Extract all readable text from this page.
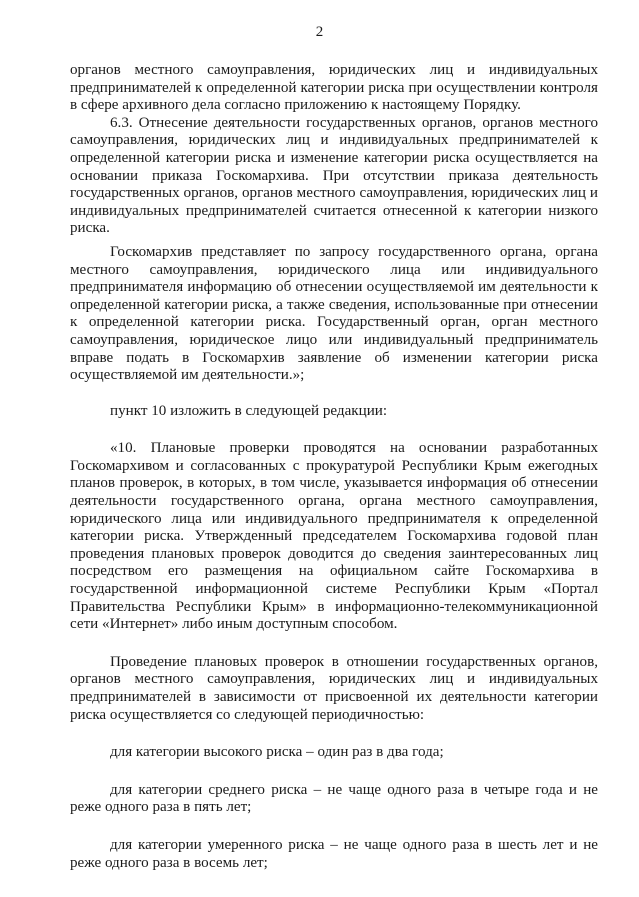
2

органов местного самоуправления, юридических лиц и индивидуальных предпринимателей к определенной категории риска при осуществлении контроля в сфере архивного дела согласно приложению к настоящему Порядку.

6.3. Отнесение деятельности государственных органов, органов местного самоуправления, юридических лиц и индивидуальных предпринимателей к определенной категории риска и изменение категории риска осуществляется на основании приказа Госкомархива. При отсутствии приказа деятельность государственных органов, органов местного самоуправления, юридических лиц и индивидуальных предпринимателей считается отнесенной к категории низкого риска.

Госкомархив представляет по запросу государственного органа, органа местного самоуправления, юридического лица или индивидуального предпринимателя информацию об отнесении осуществляемой им деятельности к определенной категории риска, а также сведения, использованные при отнесении к определенной категории риска. Государственный орган, орган местного самоуправления, юридическое лицо или индивидуальный предприниматель вправе подать в Госкомархив заявление об изменении категории риска осуществляемой им деятельности.»;

пункт 10 изложить в следующей редакции:

«10. Плановые проверки проводятся на основании разработанных Госкомархивом и согласованных с прокуратурой Республики Крым ежегодных планов проверок, в которых, в том числе, указывается информация об отнесении деятельности государственного органа, органа местного самоуправления, юридического лица или индивидуального предпринимателя к определенной категории риска. Утвержденный председателем Госкомархива годовой план проведения плановых проверок доводится до сведения заинтересованных лиц посредством его размещения на официальном сайте Госкомархива в государственной информационной системе Республики Крым «Портал Правительства Республики Крым» в информационно-телекоммуникационной сети «Интернет» либо иным доступным способом.

Проведение плановых проверок в отношении государственных органов, органов местного самоуправления, юридических лиц и индивидуальных предпринимателей в зависимости от присвоенной их деятельности категории риска осуществляется со следующей периодичностью:

для категории высокого риска – один раз в два года;

для категории среднего риска – не чаще одного раза в четыре года и не реже одного раза в пять лет;

для категории умеренного риска – не чаще одного раза в шесть лет и не реже одного раза в восемь лет;
